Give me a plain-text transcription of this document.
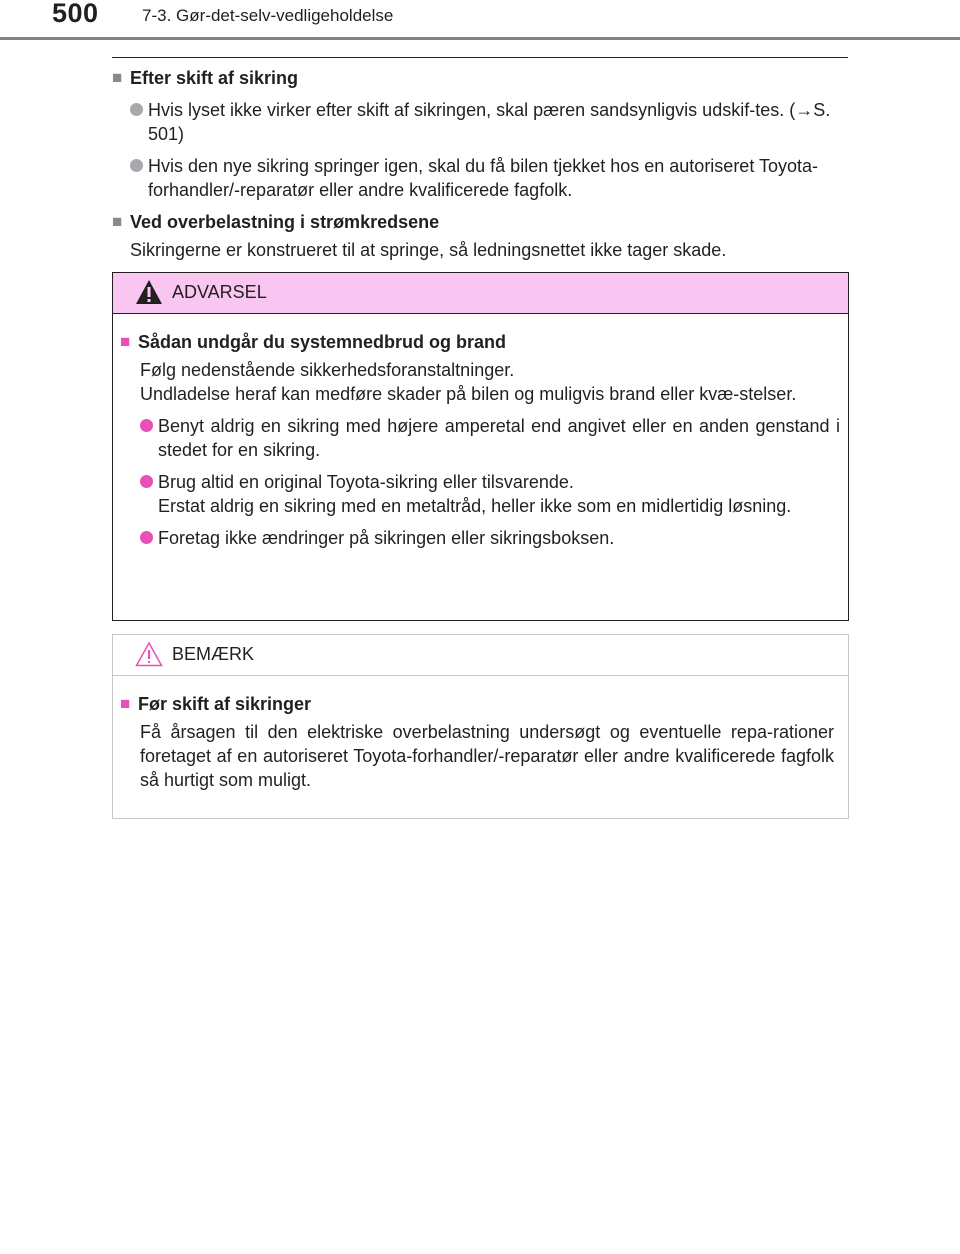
500	7-3. Gør-det-selv-vedligeholdelse
■ Efter skift af sikring
Hvis lyset ikke virker efter skift af sikringen, skal pæren sandsynligvis udskif-tes. (→S. 501)
Hvis den nye sikring springer igen, skal du få bilen tjekket hos en autoriseret Toyota-forhandler/-reparatør eller andre kvalificerede fagfolk.
■ Ved overbelastning i strømkredsene
Sikringerne er konstrueret til at springe, så ledningsnettet ikke tager skade.
ADVARSEL
■ Sådan undgår du systemnedbrud og brand
Følg nedenstående sikkerhedsforanstaltninger.
Undladelse heraf kan medføre skader på bilen og muligvis brand eller kvæ-stelser.
Benyt aldrig en sikring med højere amperetal end angivet eller en anden genstand i stedet for en sikring.
Brug altid en original Toyota-sikring eller tilsvarende.
Erstat aldrig en sikring med en metaltråd, heller ikke som en midlertidig løsning.
Foretag ikke ændringer på sikringen eller sikringsboksen.
BEMÆRK
■ Før skift af sikringer
Få årsagen til den elektriske overbelastning undersøgt og eventuelle repa-rationer foretaget af en autoriseret Toyota-forhandler/-reparatør eller andre kvalificerede fagfolk så hurtigt som muligt.
